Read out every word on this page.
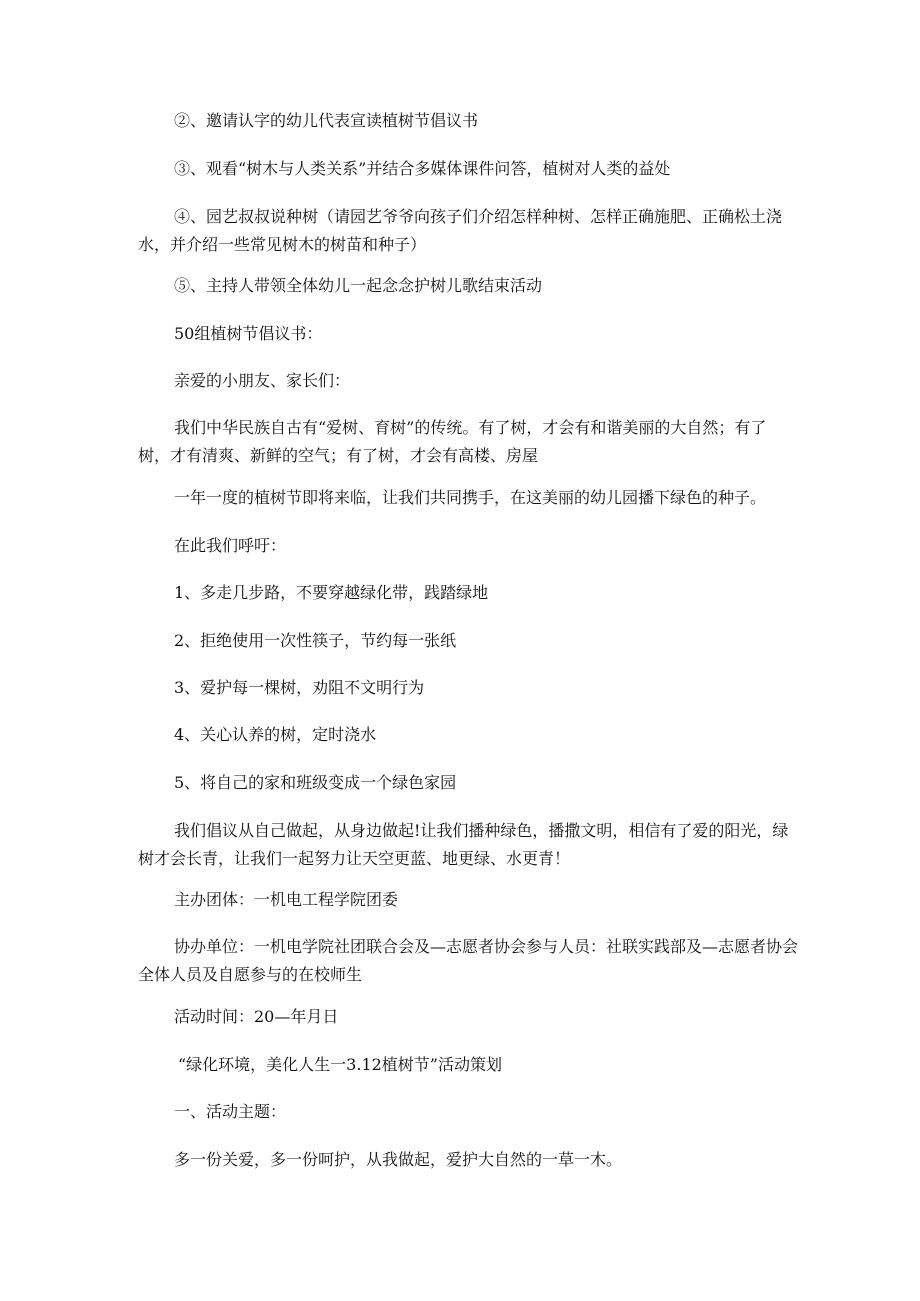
②、邀请认字的幼儿代表宣读植树节倡议书

③、观看“树木与人类关系”并结合多媒体课件问答，植树对人类的益处

④、园艺叔叔说种树（请园艺爷爷向孩子们介绍怎样种树、怎样正确施肥、正确松土浇水，并介绍一些常见树木的树苗和种子）

⑤、主持人带领全体幼儿一起念念护树儿歌结束活动

50组植树节倡议书：

亲爱的小朋友、家长们：

我们中华民族自古有“爱树、育树”的传统。有了树，才会有和谐美丽的大自然；有了树，才有清爽、新鲜的空气；有了树，才会有高楼、房屋

一年一度的植树节即将来临，让我们共同携手，在这美丽的幼儿园播下绿色的种子。

在此我们呼吁：

1、多走几步路，不要穿越绿化带，践踏绿地

2、拒绝使用一次性筷子，节约每一张纸

3、爱护每一棵树，劝阻不文明行为

4、关心认养的树，定时浇水

5、将自己的家和班级变成一个绿色家园

我们倡议从自己做起，从身边做起!让我们播种绿色，播撒文明，相信有了爱的阳光，绿树才会长青，让我们一起努力让天空更蓝、地更绿、水更青！

主办团体：一机电工程学院团委

协办单位：一机电学院社团联合会及—志愿者协会参与人员：社联实践部及—志愿者协会全体人员及自愿参与的在校师生

活动时间：20—年月日

“绿化环境，美化人生一3.12植树节”活动策划

一、活动主题：

多一份关爱，多一份呵护，从我做起，爱护大自然的一草一木。
